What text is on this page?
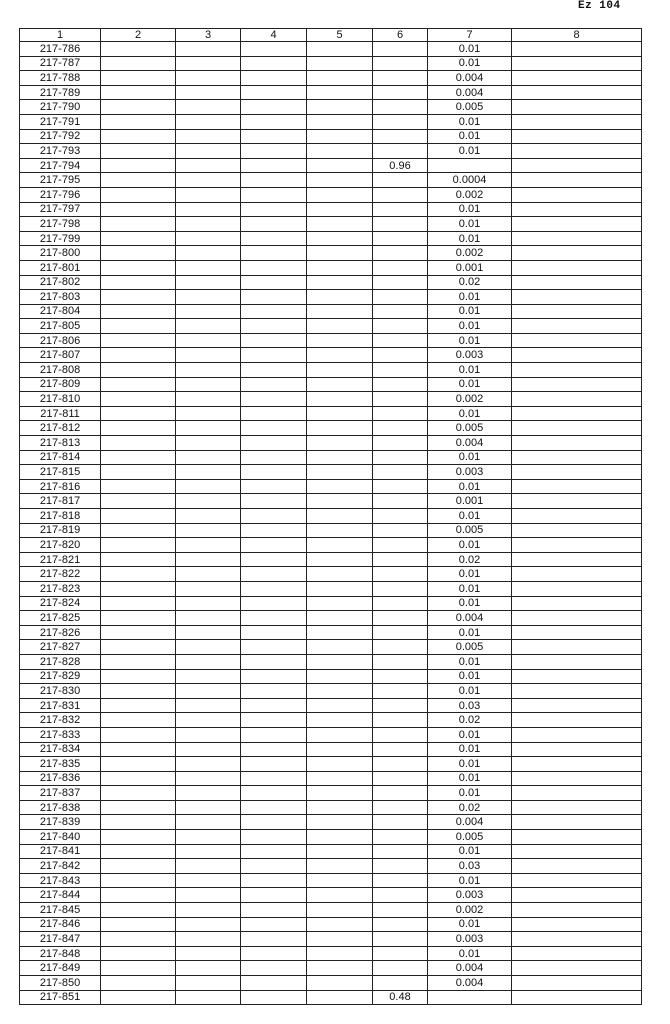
Ez 104
1	2	3	4	5	6	7	8
217-786						0.01	
217-787						0.01	
217-788						0.004	
217-789						0.004	
217-790						0.005	
217-791						0.01	
217-792						0.01	
217-793						0.01	
217-794					0.96		
217-795						0.0004	
217-796						0.002	
217-797						0.01	
217-798						0.01	
217-799						0.01	
217-800						0.002	
217-801						0.001	
217-802						0.02	
217-803						0.01	
217-804						0.01	
217-805						0.01	
217-806						0.01	
217-807						0.003	
217-808						0.01	
217-809						0.01	
217-810						0.002	
217-811						0.01	
217-812						0.005	
217-813						0.004	
217-814						0.01	
217-815						0.003	
217-816						0.01	
217-817						0.001	
217-818						0.01	
217-819						0.005	
217-820						0.01	
217-821						0.02	
217-822						0.01	
217-823						0.01	
217-824						0.01	
217-825						0.004	
217-826						0.01	
217-827						0.005	
217-828						0.01	
217-829						0.01	
217-830						0.01	
217-831						0.03	
217-832						0.02	
217-833						0.01	
217-834						0.01	
217-835						0.01	
217-836						0.01	
217-837						0.01	
217-838						0.02	
217-839						0.004	
217-840						0.005	
217-841						0.01	
217-842						0.03	
217-843						0.01	
217-844						0.003	
217-845						0.002	
217-846						0.01	
217-847						0.003	
217-848						0.01	
217-849						0.004	
217-850						0.004	
217-851					0.48		
